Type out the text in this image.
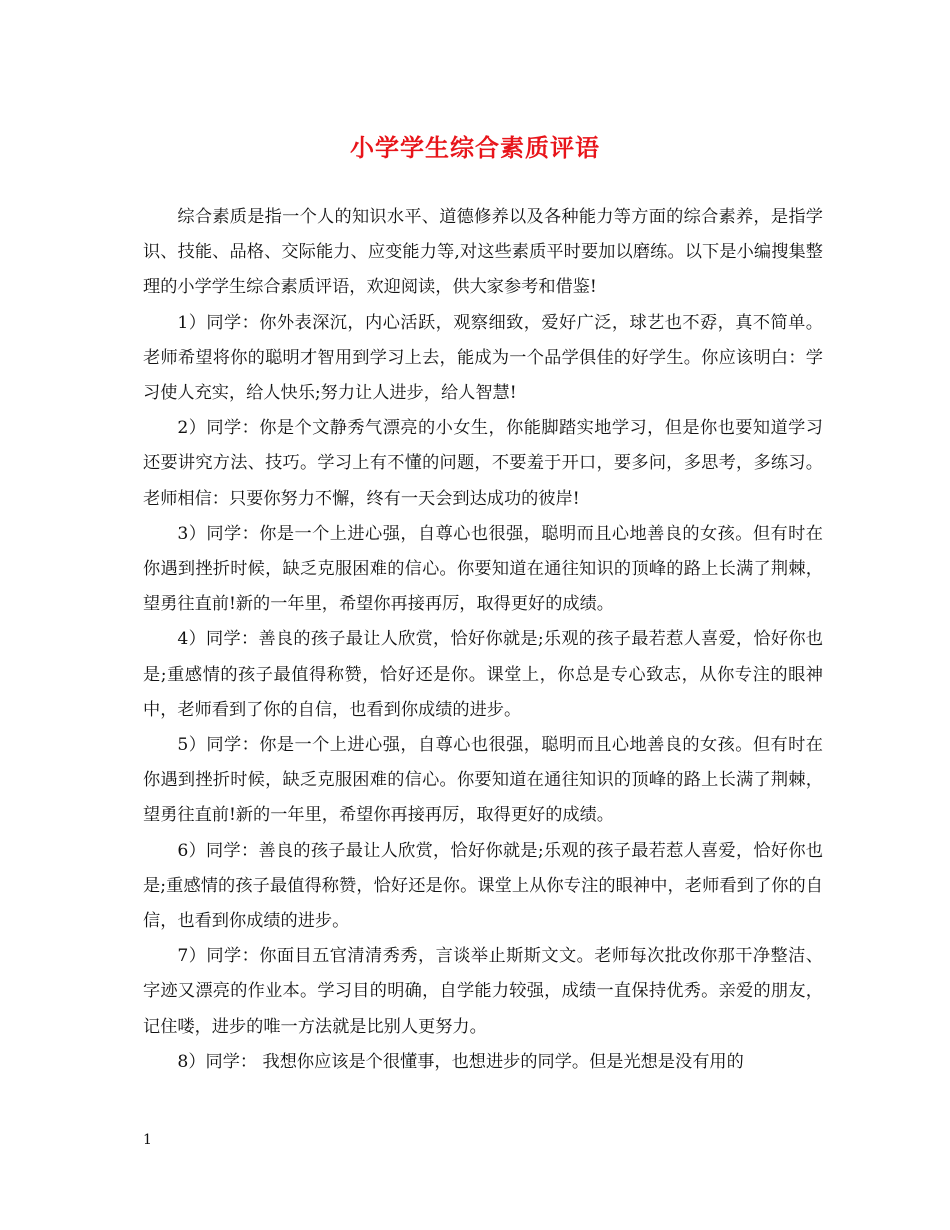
小学学生综合素质评语

综合素质是指一个人的知识水平、道德修养以及各种能力等方面的综合素养，是指学识、技能、品格、交际能力、应变能力等,对这些素质平时要加以磨练。以下是小编搜集整理的小学学生综合素质评语，欢迎阅读，供大家参考和借鉴!

1）同学：你外表深沉，内心活跃，观察细致，爱好广泛，球艺也不孬，真不简单。老师希望将你的聪明才智用到学习上去，能成为一个品学俱佳的好学生。你应该明白：学习使人充实，给人快乐;努力让人进步，给人智慧!

2）同学：你是个文静秀气漂亮的小女生，你能脚踏实地学习，但是你也要知道学习还要讲究方法、技巧。学习上有不懂的问题，不要羞于开口，要多问，多思考，多练习。老师相信：只要你努力不懈，终有一天会到达成功的彼岸!

3）同学：你是一个上进心强，自尊心也很强，聪明而且心地善良的女孩。但有时在你遇到挫折时候，缺乏克服困难的信心。你要知道在通往知识的顶峰的路上长满了荆棘，望勇往直前!新的一年里，希望你再接再厉，取得更好的成绩。

4）同学：善良的孩子最让人欣赏，恰好你就是;乐观的孩子最若惹人喜爱，恰好你也是;重感情的孩子最值得称赞，恰好还是你。课堂上，你总是专心致志，从你专注的眼神中，老师看到了你的自信，也看到你成绩的进步。

5）同学：你是一个上进心强，自尊心也很强，聪明而且心地善良的女孩。但有时在你遇到挫折时候，缺乏克服困难的信心。你要知道在通往知识的顶峰的路上长满了荆棘，望勇往直前!新的一年里，希望你再接再厉，取得更好的成绩。

6）同学：善良的孩子最让人欣赏，恰好你就是;乐观的孩子最若惹人喜爱，恰好你也是;重感情的孩子最值得称赞，恰好还是你。课堂上从你专注的眼神中，老师看到了你的自信，也看到你成绩的进步。

7）同学：你面目五官清清秀秀，言谈举止斯斯文文。老师每次批改你那干净整洁、字迹又漂亮的作业本。学习目的明确，自学能力较强，成绩一直保持优秀。亲爱的朋友，记住喽，进步的唯一方法就是比别人更努力。

8）同学： 我想你应该是个很懂事，也想进步的同学。但是光想是没有用的

1
